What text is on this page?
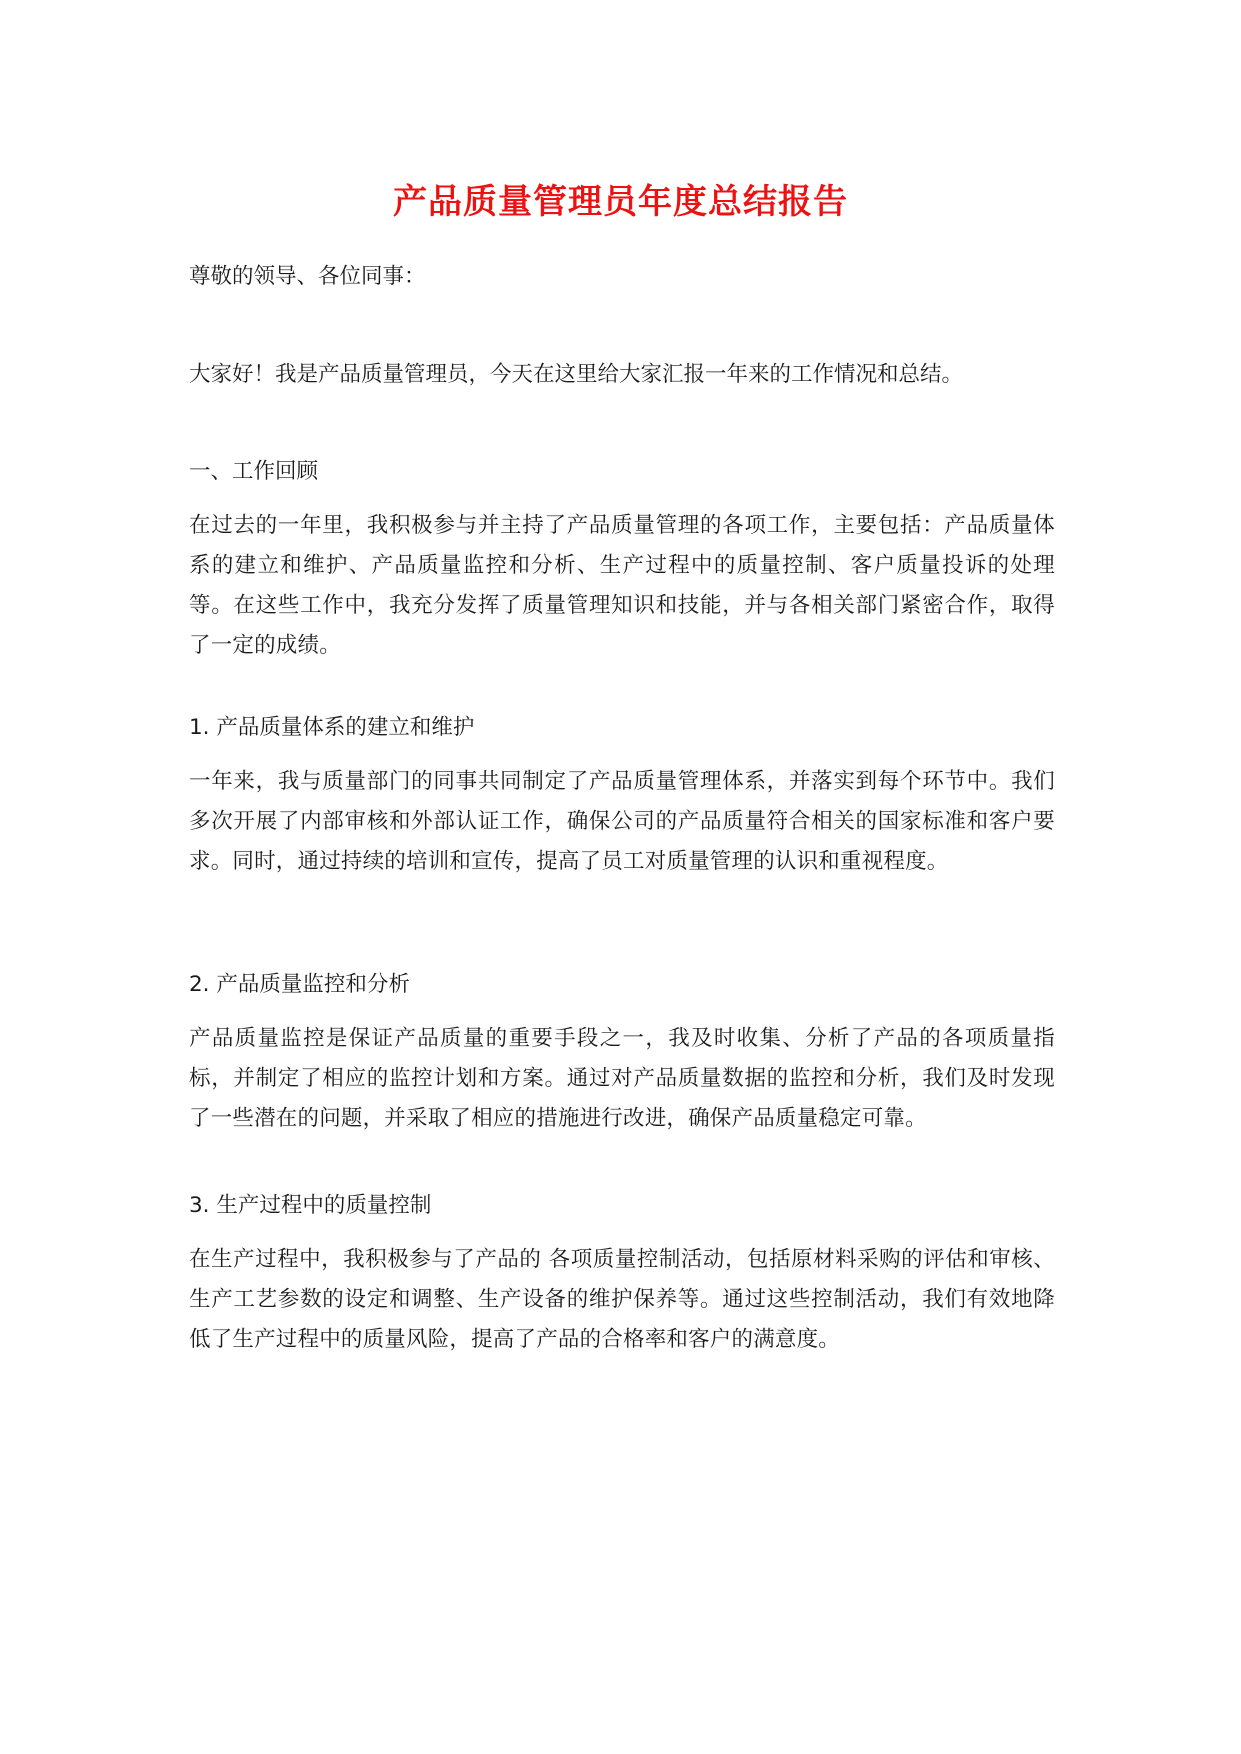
产品质量管理员年度总结报告
尊敬的领导、各位同事：
大家好！我是产品质量管理员，今天在这里给大家汇报一年来的工作情况和总结。
一、工作回顾
在过去的一年里，我积极参与并主持了产品质量管理的各项工作，主要包括：产品质量体系的建立和维护、产品质量监控和分析、生产过程中的质量控制、客户质量投诉的处理等。在这些工作中，我充分发挥了质量管理知识和技能，并与各相关部门紧密合作，取得了一定的成绩。
1. 产品质量体系的建立和维护
一年来，我与质量部门的同事共同制定了产品质量管理体系，并落实到每个环节中。我们多次开展了内部审核和外部认证工作，确保公司的产品质量符合相关的国家标准和客户要求。同时，通过持续的培训和宣传，提高了员工对质量管理的认识和重视程度。
2. 产品质量监控和分析
产品质量监控是保证产品质量的重要手段之一，我及时收集、分析了产品的各项质量指标，并制定了相应的监控计划和方案。通过对产品质量数据的监控和分析，我们及时发现了一些潜在的问题，并采取了相应的措施进行改进，确保产品质量稳定可靠。
3. 生产过程中的质量控制
在生产过程中，我积极参与了产品的 各项质量控制活动，包括原材料采购的评估和审核、生产工艺参数的设定和调整、生产设备的维护保养等。通过这些控制活动，我们有效地降低了生产过程中的质量风险，提高了产品的合格率和客户的满意度。
